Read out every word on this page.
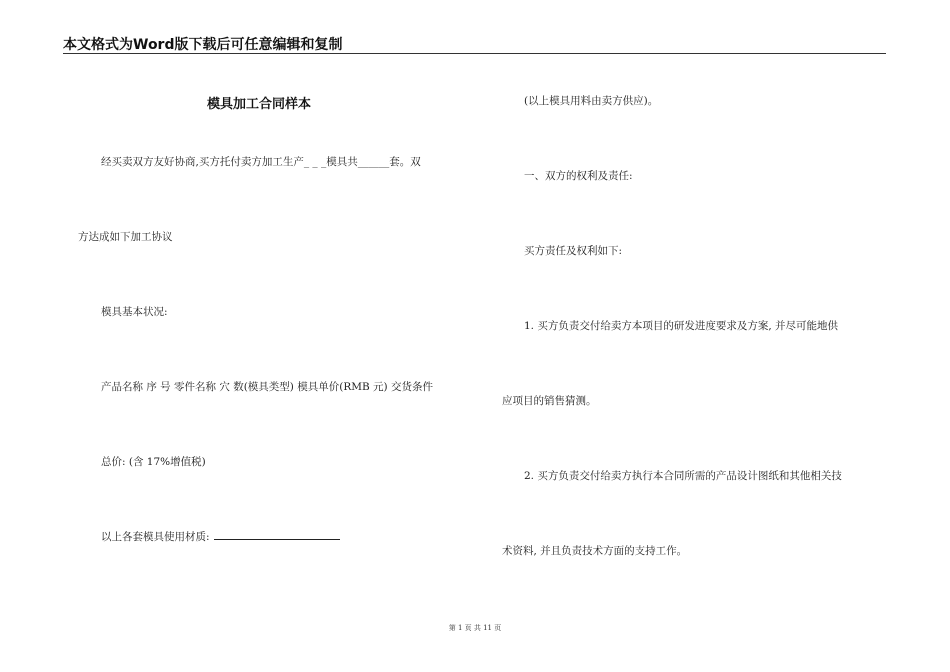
本文格式为Word版下载后可任意编辑和复制
模具加工合同样本
经买卖双方友好协商,买方托付卖方加工生产_ _ _模具共______套。双
方达成如下加工协议
模具基本状况:
产品名称 序 号 零件名称 穴 数(模具类型) 模具单价(RMB 元) 交货条件
总价: (含 17%增值税)
以上各套模具使用材质:
(以上模具用料由卖方供应)。
一、双方的权利及责任:
买方责任及权利如下:
1. 买方负责交付给卖方本项目的研发进度要求及方案, 并尽可能地供
应项目的销售猜测。
2. 买方负责交付给卖方执行本合同所需的产品设计图纸和其他相关技
术资料, 并且负责技术方面的支持工作。
第 1 页 共 11 页
